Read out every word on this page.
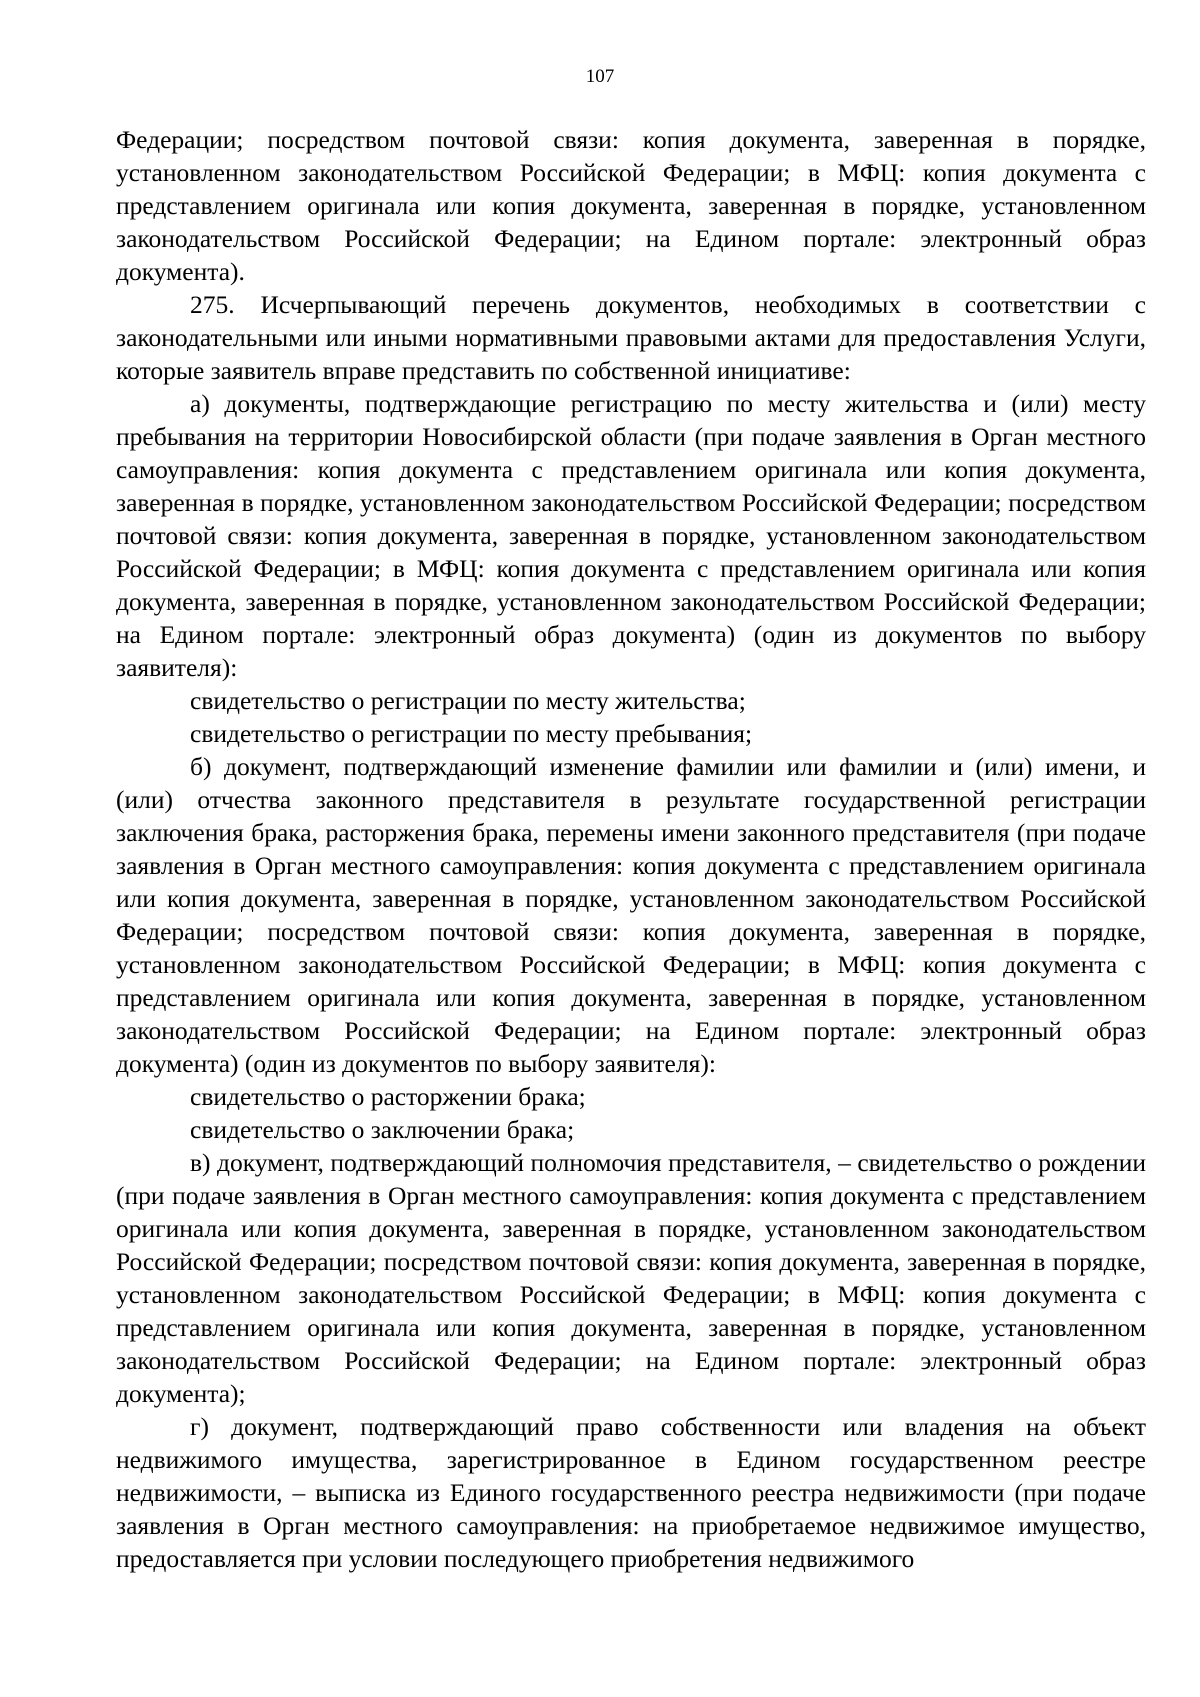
107

Федерации; посредством почтовой связи: копия документа, заверенная в порядке, установленном законодательством Российской Федерации; в МФЦ: копия документа с представлением оригинала или копия документа, заверенная в порядке, установленном законодательством Российской Федерации; на Едином портале: электронный образ документа).

275. Исчерпывающий перечень документов, необходимых в соответствии с законодательными или иными нормативными правовыми актами для предоставления Услуги, которые заявитель вправе представить по собственной инициативе:

а) документы, подтверждающие регистрацию по месту жительства и (или) месту пребывания на территории Новосибирской области (при подаче заявления в Орган местного самоуправления: копия документа с представлением оригинала или копия документа, заверенная в порядке, установленном законодательством Российской Федерации; посредством почтовой связи: копия документа, заверенная в порядке, установленном законодательством Российской Федерации; в МФЦ: копия документа с представлением оригинала или копия документа, заверенная в порядке, установленном законодательством Российской Федерации; на Едином портале: электронный образ документа) (один из документов по выбору заявителя):

свидетельство о регистрации по месту жительства;

свидетельство о регистрации по месту пребывания;

б) документ, подтверждающий изменение фамилии или фамилии и (или) имени, и (или) отчества законного представителя в результате государственной регистрации заключения брака, расторжения брака, перемены имени законного представителя (при подаче заявления в Орган местного самоуправления: копия документа с представлением оригинала или копия документа, заверенная в порядке, установленном законодательством Российской Федерации; посредством почтовой связи: копия документа, заверенная в порядке, установленном законодательством Российской Федерации; в МФЦ: копия документа с представлением оригинала или копия документа, заверенная в порядке, установленном законодательством Российской Федерации; на Едином портале: электронный образ документа) (один из документов по выбору заявителя):

свидетельство о расторжении брака;

свидетельство о заключении брака;

в) документ, подтверждающий полномочия представителя, – свидетельство о рождении (при подаче заявления в Орган местного самоуправления: копия документа с представлением оригинала или копия документа, заверенная в порядке, установленном законодательством Российской Федерации; посредством почтовой связи: копия документа, заверенная в порядке, установленном законодательством Российской Федерации; в МФЦ: копия документа с представлением оригинала или копия документа, заверенная в порядке, установленном законодательством Российской Федерации; на Едином портале: электронный образ документа);

г) документ, подтверждающий право собственности или владения на объект недвижимого имущества, зарегистрированное в Едином государственном реестре недвижимости, – выписка из Единого государственного реестра недвижимости (при подаче заявления в Орган местного самоуправления: на приобретаемое недвижимое имущество, предоставляется при условии последующего приобретения недвижимого
